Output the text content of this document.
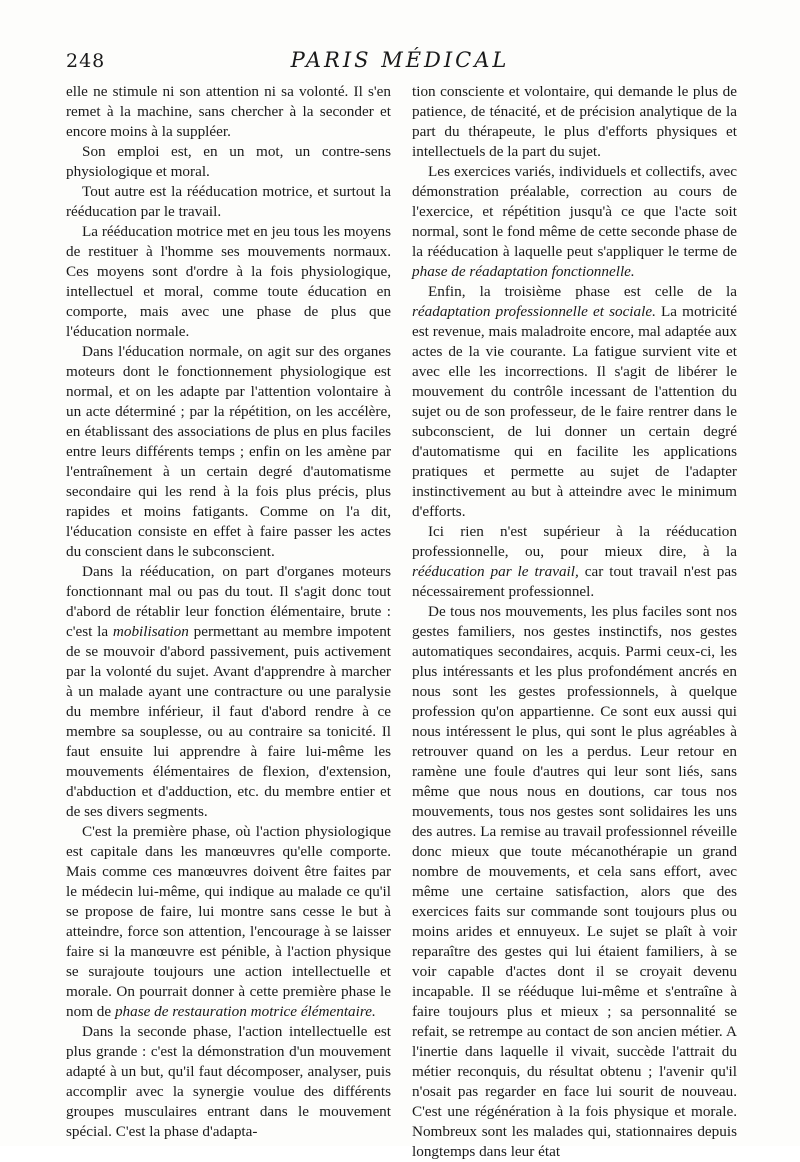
248	PARIS MÉDICAL

elle ne stimule ni son attention ni sa volonté. Il s'en remet à la machine, sans chercher à la seconder et encore moins à la suppléer.

Son emploi est, en un mot, un contre-sens physiologique et moral.

Tout autre est la rééducation motrice, et surtout la rééducation par le travail.

La rééducation motrice met en jeu tous les moyens de restituer à l'homme ses mouvements normaux. Ces moyens sont d'ordre à la fois physiologique, intellectuel et moral, comme toute éducation en comporte, mais avec une phase de plus que l'éducation normale.

Dans l'éducation normale, on agit sur des organes moteurs dont le fonctionnement physiologique est normal, et on les adapte par l'attention volontaire à un acte déterminé ; par la répétition, on les accélère, en établissant des associations de plus en plus faciles entre leurs différents temps ; enfin on les amène par l'entraînement à un certain degré d'automatisme secondaire qui les rend à la fois plus précis, plus rapides et moins fatigants. Comme on l'a dit, l'éducation consiste en effet à faire passer les actes du conscient dans le subconscient.

Dans la rééducation, on part d'organes moteurs fonctionnant mal ou pas du tout. Il s'agit donc tout d'abord de rétablir leur fonction élémentaire, brute : c'est la mobilisation permettant au membre impotent de se mouvoir d'abord passivement, puis activement par la volonté du sujet. Avant d'apprendre à marcher à un malade ayant une contracture ou une paralysie du membre inférieur, il faut d'abord rendre à ce membre sa souplesse, ou au contraire sa tonicité. Il faut ensuite lui apprendre à faire lui-même les mouvements élémentaires de flexion, d'extension, d'abduction et d'adduction, etc. du membre entier et de ses divers segments.

C'est la première phase, où l'action physiologique est capitale dans les manœuvres qu'elle comporte. Mais comme ces manœuvres doivent être faites par le médecin lui-même, qui indique au malade ce qu'il se propose de faire, lui montre sans cesse le but à atteindre, force son attention, l'encourage à se laisser faire si la manœuvre est pénible, à l'action physique se surajoute toujours une action intellectuelle et morale. On pourrait donner à cette première phase le nom de phase de restauration motrice élémentaire.

Dans la seconde phase, l'action intellectuelle est plus grande : c'est la démonstration d'un mouvement adapté à un but, qu'il faut décomposer, analyser, puis accomplir avec la synergie voulue des différents groupes musculaires entrant dans le mouvement spécial. C'est la phase d'adapta-

tion consciente et volontaire, qui demande le plus de patience, de ténacité, et de précision analytique de la part du thérapeute, le plus d'efforts physiques et intellectuels de la part du sujet.

Les exercices variés, individuels et collectifs, avec démonstration préalable, correction au cours de l'exercice, et répétition jusqu'à ce que l'acte soit normal, sont le fond même de cette seconde phase de la rééducation à laquelle peut s'appliquer le terme de phase de réadaptation fonctionnelle.

Enfin, la troisième phase est celle de la réadaptation professionnelle et sociale. La motricité est revenue, mais maladroite encore, mal adaptée aux actes de la vie courante. La fatigue survient vite et avec elle les incorrections. Il s'agit de libérer le mouvement du contrôle incessant de l'attention du sujet ou de son professeur, de le faire rentrer dans le subconscient, de lui donner un certain degré d'automatisme qui en facilite les applications pratiques et permette au sujet de l'adapter instinctivement au but à atteindre avec le minimum d'efforts.

Ici rien n'est supérieur à la rééducation professionnelle, ou, pour mieux dire, à la rééducation par le travail, car tout travail n'est pas nécessairement professionnel.

De tous nos mouvements, les plus faciles sont nos gestes familiers, nos gestes instinctifs, nos gestes automatiques secondaires, acquis. Parmi ceux-ci, les plus intéressants et les plus profondément ancrés en nous sont les gestes professionnels, à quelque profession qu'on appartienne. Ce sont eux aussi qui nous intéressent le plus, qui sont le plus agréables à retrouver quand on les a perdus. Leur retour en ramène une foule d'autres qui leur sont liés, sans même que nous nous en doutions, car tous nos mouvements, tous nos gestes sont solidaires les uns des autres. La remise au travail professionnel réveille donc mieux que toute mécanothérapie un grand nombre de mouvements, et cela sans effort, avec même une certaine satisfaction, alors que des exercices faits sur commande sont toujours plus ou moins arides et ennuyeux. Le sujet se plaît à voir reparaître des gestes qui lui étaient familiers, à se voir capable d'actes dont il se croyait devenu incapable. Il se rééduque lui-même et s'entraîne à faire toujours plus et mieux ; sa personnalité se refait, se retrempe au contact de son ancien métier. A l'inertie dans laquelle il vivait, succède l'attrait du métier reconquis, du résultat obtenu ; l'avenir qu'il n'osait pas regarder en face lui sourit de nouveau. C'est une régénération à la fois physique et morale. Nombreux sont les malades qui, stationnaires depuis longtemps dans leur état
